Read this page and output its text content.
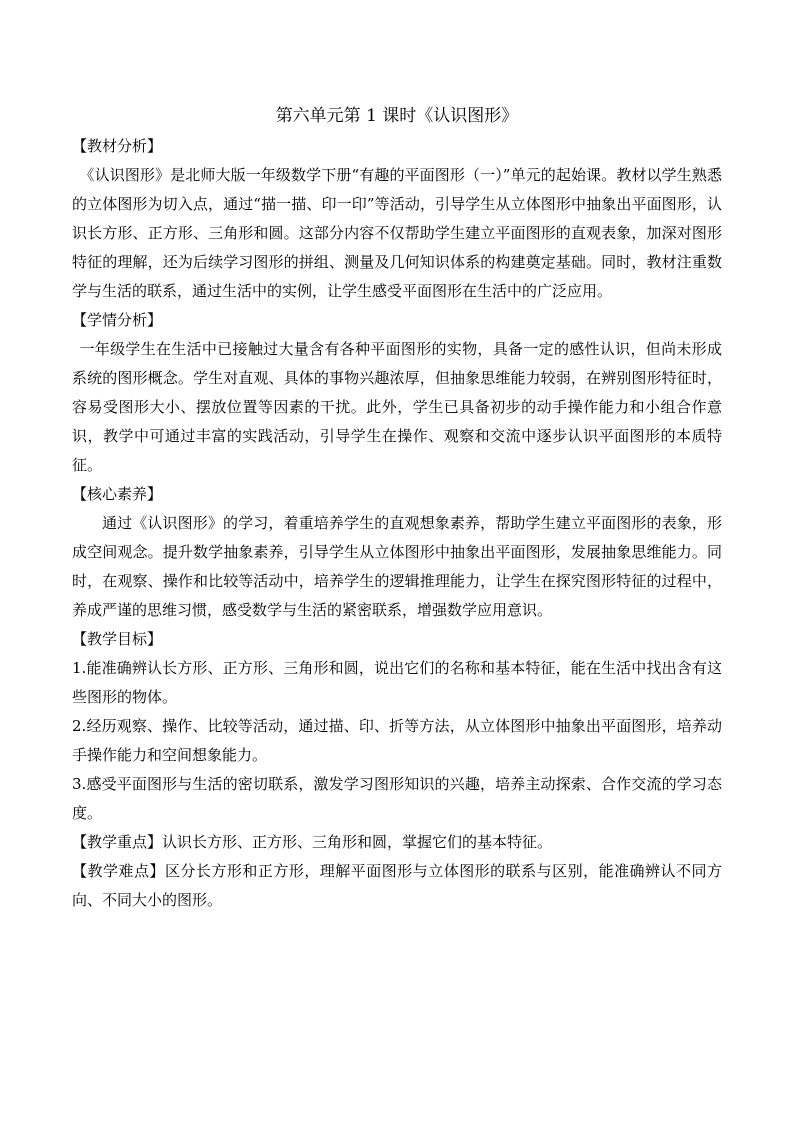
第六单元第 1 课时《认识图形》

【教材分析】

《认识图形》是北师大版一年级数学下册“有趣的平面图形（一）”单元的起始课。教材以学生熟悉的立体图形为切入点，通过“描一描、印一印”等活动，引导学生从立体图形中抽象出平面图形，认识长方形、正方形、三角形和圆。这部分内容不仅帮助学生建立平面图形的直观表象，加深对图形特征的理解，还为后续学习图形的拼组、测量及几何知识体系的构建奠定基础。同时，教材注重数学与生活的联系，通过生活中的实例，让学生感受平面图形在生活中的广泛应用。

【学情分析】

一年级学生在生活中已接触过大量含有各种平面图形的实物，具备一定的感性认识，但尚未形成系统的图形概念。学生对直观、具体的事物兴趣浓厚，但抽象思维能力较弱，在辨别图形特征时，容易受图形大小、摆放位置等因素的干扰。此外，学生已具备初步的动手操作能力和小组合作意识，教学中可通过丰富的实践活动，引导学生在操作、观察和交流中逐步认识平面图形的本质特征。

【核心素养】

通过《认识图形》的学习，着重培养学生的直观想象素养，帮助学生建立平面图形的表象，形成空间观念。提升数学抽象素养，引导学生从立体图形中抽象出平面图形，发展抽象思维能力。同时，在观察、操作和比较等活动中，培养学生的逻辑推理能力，让学生在探究图形特征的过程中，养成严谨的思维习惯，感受数学与生活的紧密联系，增强数学应用意识。

【教学目标】

1.能准确辨认长方形、正方形、三角形和圆，说出它们的名称和基本特征，能在生活中找出含有这些图形的物体。

2.经历观察、操作、比较等活动，通过描、印、折等方法，从立体图形中抽象出平面图形，培养动手操作能力和空间想象能力。

3.感受平面图形与生活的密切联系，激发学习图形知识的兴趣，培养主动探索、合作交流的学习态度。

【教学重点】认识长方形、正方形、三角形和圆，掌握它们的基本特征。

【教学难点】区分长方形和正方形，理解平面图形与立体图形的联系与区别，能准确辨认不同方向、不同大小的图形。
